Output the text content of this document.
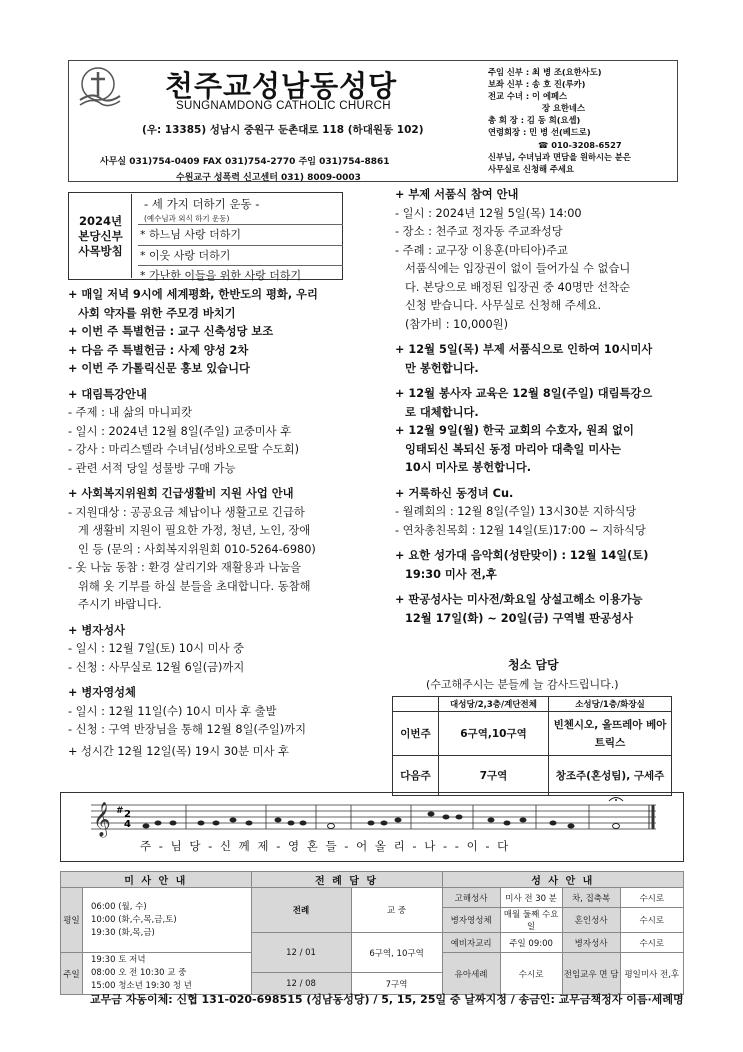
천주교성남동성당
SUNGNAMDONG CATHOLIC CHURCH
(우: 13385) 성남시 중원구 둔촌대로 118 (하대원동 102)
사무실 031)754-0409 FAX 031)754-2770 주임 031)754-8861
수원교구 성폭력 신고센터 031) 8009-0003
주임 신부 : 최 병 조(요한사도)
보좌 신부 : 송 호 진(루카)
전교 수녀 : 이 에페스
장 요한네스
총 회 장 : 김 동 희(요셉)
연령회장 : 민 병 선(베드로)
☎ 010-3208-6527
신부님, 수녀님과 면담을 원하시는 분은
사무실로 신청해 주세요
2024년
본당신부
사목방침
- 세 가지 더하기 운동 -
(예수님과 외식 하기 운동)
* 하느님 사랑 더하기
* 이웃 사랑 더하기
* 가난한 이들을 위한 사랑 더하기
+ 매일 저녁 9시에 세계평화, 한반도의 평화, 우리
사회 약자를 위한 주모경 바치기
+ 이번 주 특별헌금 : 교구 신축성당 보조
+ 다음 주 특별헌금 : 사제 양성 2차
+ 이번 주 가톨릭신문 홍보 있습니다
+ 대림특강안내
- 주제 : 내 삶의 마니피캇
- 일시 : 2024년 12월 8일(주일) 교중미사 후
- 강사 : 마리스텔라 수녀님(성바오로딸 수도회)
- 관련 서적 당일 성물방 구매 가능
+ 사회복지위원회 긴급생활비 지원 사업 안내
- 지원대상 : 공공요금 체납이나 생활고로 긴급하
게 생활비 지원이 필요한 가정, 청년, 노인, 장애
인 등 (문의 : 사회복지위원회 010-5264-6980)
- 옷 나눔 동참 : 환경 살리기와 재활용과 나눔을
위해 옷 기부를 하실 분들을 초대합니다. 동참해
주시기 바랍니다.
+ 병자성사
- 일시 : 12월 7일(토) 10시 미사 중
- 신청 : 사무실로 12월 6일(금)까지
+ 병자영성체
- 일시 : 12월 11일(수) 10시 미사 후 출발
- 신청 : 구역 반장님을 통해 12월 8일(주일)까지
+ 성시간 12월 12일(목) 19시 30분 미사 후
+ 부제 서품식 참여 안내
- 일시 : 2024년 12월 5일(목) 14:00
- 장소 : 천주교 정자동 주교좌성당
- 주례 : 교구장 이용훈(마티아)주교
서품식에는 입장권이 없이 들어가실 수 없습니
다. 본당으로 배정된 입장권 중 40명만 선착순
신청 받습니다. 사무실로 신청해 주세요.
(참가비 : 10,000원)
+ 12월 5일(목) 부제 서품식으로 인하여 10시미사
만 봉헌합니다.
+ 12월 봉사자 교육은 12월 8일(주일) 대림특강으
로 대체합니다.
+ 12월 9일(월) 한국 교회의 수호자, 원죄 없이
잉태되신 복되신 동정 마리아 대축일 미사는
10시 미사로 봉헌합니다.
+ 거룩하신 동정녀 Cu.
- 월례회의 : 12월 8일(주일) 13시30분 지하식당
- 연차총친목회 : 12월 14일(토)17:00 ~ 지하식당
+ 요한 성가대 음악회(성탄맞이) : 12월 14일(토)
19:30 미사 전,후
+ 판공성사는 미사전/화요일 상설고해소 이용가능
12월 17일(화) ~ 20일(금) 구역별 판공성사
청소 담당
(수고해주시는 분들께 늘 감사드립니다.)
	대성당/2,3층/계단전체	소성당/1층/화장실
이번주	6구역,10구역	빈첸시오, 올뜨레아 베아트릭스
다음주	7구역	창조주(혼성팀), 구세주
𝄞 # 2
4
주 - 님 당 - 신 께 제 - 영 혼 들 - 어 올 리 - 나 - - 이 - 다
미 사 안 내		전 례 담 당		성 사 안 내			
평일	06:00 (월, 수)
10:00 (화,수,목,금,토)
19:30 (화,목,금)	전례	교 중	고해성사	미사 전 30 분	차, 집축복	수시로
				병자영성체	매월 둘째 수요일	혼인성사	수시로
		12 / 01	6구역, 10구역	예비자교리	주일 09:00	병자성사	수시로
주일	19:30 토 저녁
08:00 오 전 10:30 교 중
15:00 청소년 19:30 청 년			유아세례	수시로	전임교우 면 담	평일미사 전,후
		12 / 08	7구역				
교무금 자동이체: 신협 131-020-698515 (성남동성당) / 5, 15, 25일 중 날짜지정 / 송금인: 교무금책정자 이름·세례명
